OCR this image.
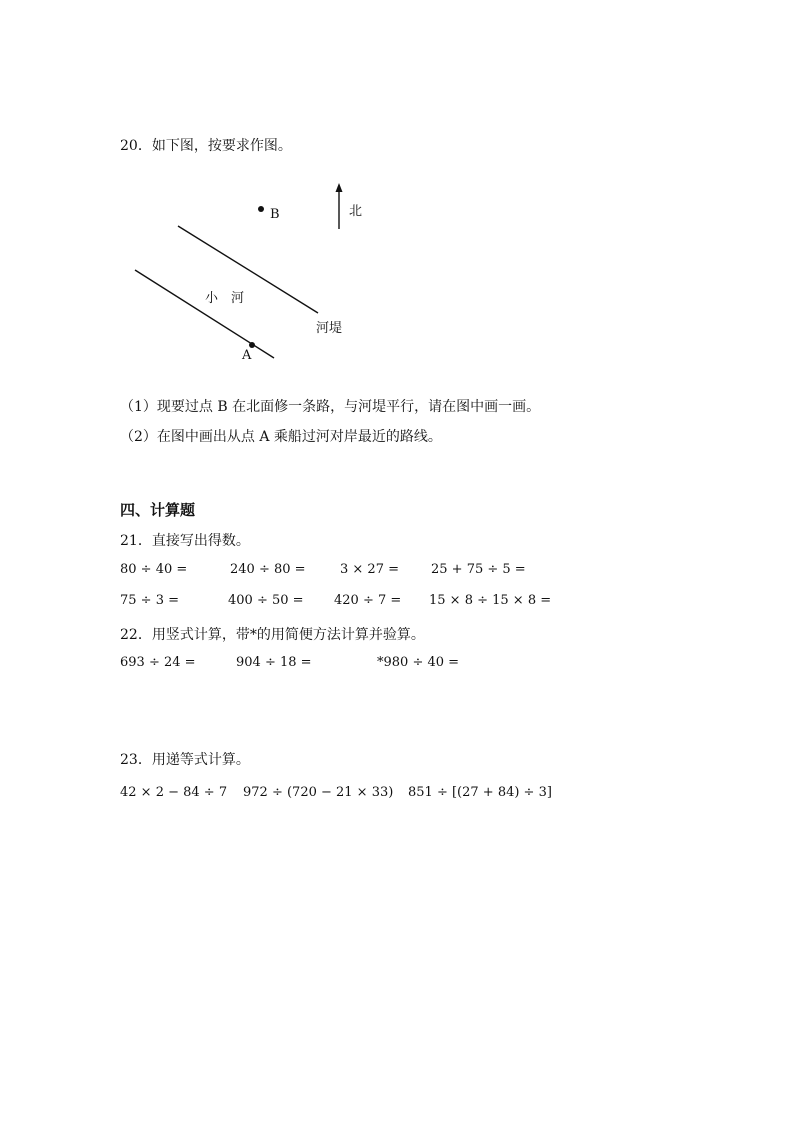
20．如下图，按要求作图。
B	北
小　河
河堤
A
（1）现要过点 B 在北面修一条路，与河堤平行，请在图中画一画。
（2）在图中画出从点 A 乘船过河对岸最近的路线。
四、计算题
21．直接写出得数。
80 ÷ 40 =	240 ÷ 80 =	3 × 27 = 25 + 75 ÷ 5 =
75 ÷ 3 =	400 ÷ 50 = 420 ÷ 7 = 15 × 8 ÷ 15 × 8 =
22．用竖式计算，带*的用简便方法计算并验算。
693 ÷ 24 =	904 ÷ 18 =	*980 ÷ 40 =
23．用递等式计算。
42 × 2 − 84 ÷ 7 972 ÷ (720 − 21 × 33) 851 ÷ [(27 + 84) ÷ 3]
